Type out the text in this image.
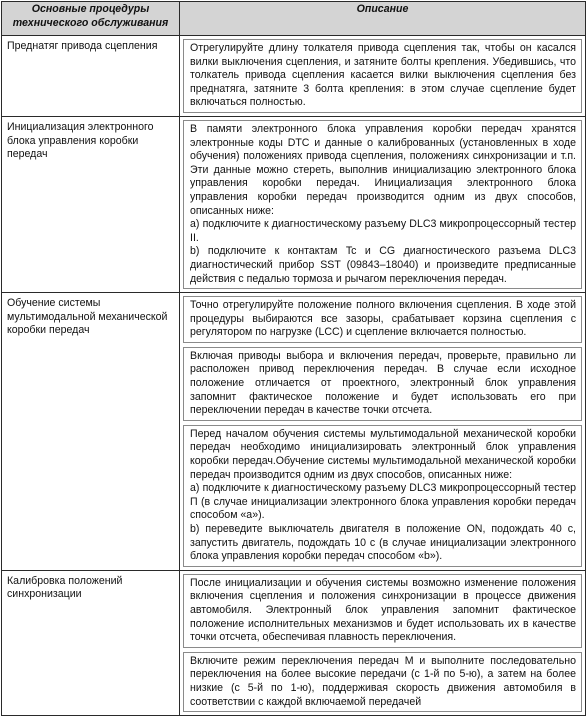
Основные процедуры технического обслуживания	Описание
Преднатяг привода сцепления	Отрегулируйте длину толкателя привода сцепления так, чтобы он касался вилки выключения сцепления, и затяните болты крепления. Убедившись, что толкатель привода сцепления касается вилки выключения сцепления без преднатяга, затяните 3 болта крепления: в этом случае сцепление будет включаться полностью.

Инициализация электронного блока управления коробки передач	В памяти электронного блока управления коробки передач хранятся электронные коды DTC и данные о калиброванных (установленных в ходе обучения) положениях привода сцепления, положениях синхронизации и т.п. Эти данные можно стереть, выполнив инициализацию электронного блока управления коробки передач. Инициализация электронного блока управления коробки передач производится одним из двух способов, описанных ниже:
а) подключите к диагностическому разъему DLC3 микропроцессорный тестер II.
b) подключите к контактам Tc и CG диагностического разъема DLC3 диагностический прибор SST (09843–18040) и произведите предписанные действия с педалью тормоза и рычагом переключения передач.

Обучение системы мультимодальной механической коробки передач	Точно отрегулируйте положение полного включения сцепления. В ходе этой процедуры выбираются все зазоры, срабатывает корзина сцепления с регулятором по нагрузке (LCC) и сцепление включается полностью.
Включая приводы выбора и включения передач, проверьте, правильно ли расположен привод переключения передач. В случае если исходное положение отличается от проектного, электронный блок управления запомнит фактическое положение и будет использовать его при переключении передач в качестве точки отсчета.
Перед началом обучения системы мультимодальной механической коробки передач необходимо инициализировать электронный блок управления коробки передач.Обучение системы мультимодальной механической коробки передач производится одним из двух способов, описанных ниже:
а) подключите к диагностическому разъему DLC3 микропроцессорный тестер П (в случае инициализации электронного блока управления коробки передач способом «а»).
b) переведите выключатель двигателя в положение ON, подождать 40 с, запустить двигатель, подождать 10 с (в случае инициализации электронного блока управления коробки передач способом «b»).

Калибровка положений синхронизации	После инициализации и обучения системы возможно изменение положения включения сцепления и положения синхронизации в процессе движения автомобиля. Электронный блок управления запомнит фактическое положение исполнительных механизмов и будет использовать их в качестве точки отсчета, обеспечивая плавность переключения.
Включите режим переключения передач М и выполните последовательно переключения на более высокие передачи (с 1-й по 5-ю), а затем на более низкие (с 5-й по 1-ю), поддерживая скорость движения автомобиля в соответствии с каждой включаемой передачей
